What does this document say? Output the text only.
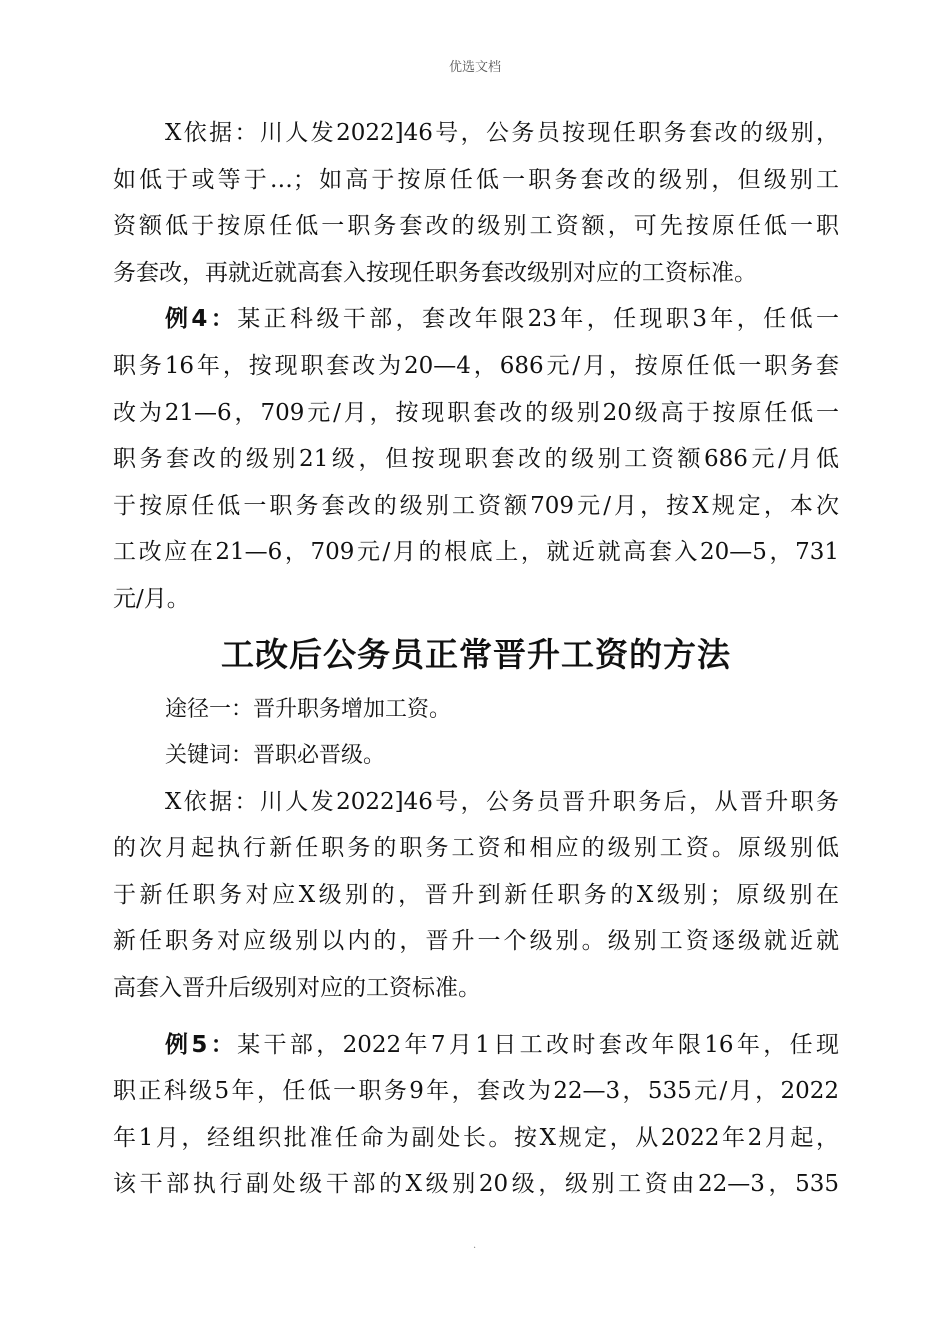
优选文档

X依据：川人发2022]46号，公务员按现任职务套改的级别，

如低于或等于…；如高于按原任低一职务套改的级别，但级别工

资额低于按原任低一职务套改的级别工资额，可先按原任低一职

务套改，再就近就高套入按现任职务套改级别对应的工资标准。

例4：某正科级干部，套改年限23年，任现职3年，任低一

职务16年，按现职套改为20—4，686元/月，按原任低一职务套

改为21—6，709元/月，按现职套改的级别20级高于按原任低一

职务套改的级别21级，但按现职套改的级别工资额686元/月低

于按原任低一职务套改的级别工资额709元/月，按X规定，本次

工改应在21—6，709元/月的根底上，就近就高套入20—5，731

元/月。

工改后公务员正常晋升工资的方法

途径一：晋升职务增加工资。

关键词：晋职必晋级。

X依据：川人发2022]46号，公务员晋升职务后，从晋升职务

的次月起执行新任职务的职务工资和相应的级别工资。原级别低

于新任职务对应X级别的，晋升到新任职务的X级别；原级别在

新任职务对应级别以内的，晋升一个级别。级别工资逐级就近就

高套入晋升后级别对应的工资标准。

例5：某干部，2022年7月1日工改时套改年限16年，任现

职正科级5年，任低一职务9年，套改为22—3，535元/月，2022

年1月，经组织批准任命为副处长。按X规定，从2022年2月起，

该干部执行副处级干部的X级别20级，级别工资由22—3，535

.
